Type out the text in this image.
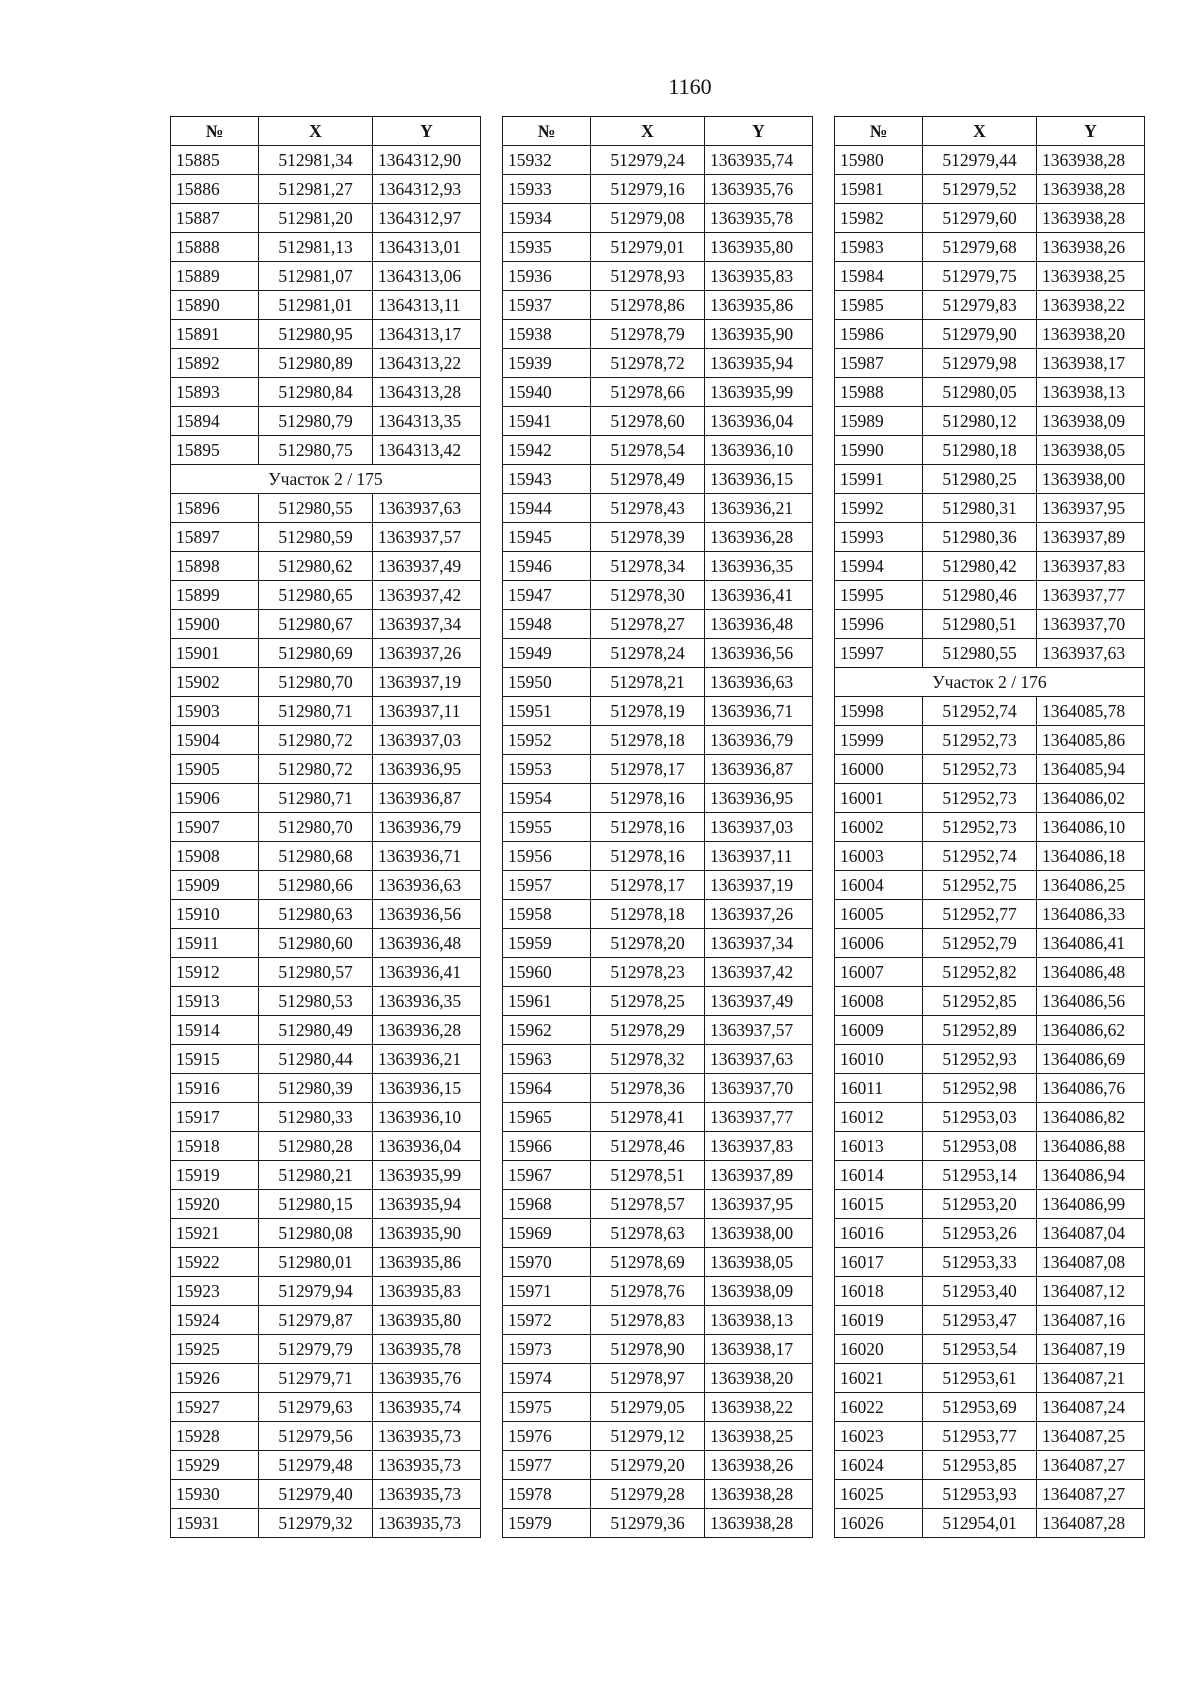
1160
№	X	Y
15885	512981,34	1364312,90
15886	512981,27	1364312,93
15887	512981,20	1364312,97
15888	512981,13	1364313,01
15889	512981,07	1364313,06
15890	512981,01	1364313,11
15891	512980,95	1364313,17
15892	512980,89	1364313,22
15893	512980,84	1364313,28
15894	512980,79	1364313,35
15895	512980,75	1364313,42
Участок 2 / 175		
15896	512980,55	1363937,63
15897	512980,59	1363937,57
15898	512980,62	1363937,49
15899	512980,65	1363937,42
15900	512980,67	1363937,34
15901	512980,69	1363937,26
15902	512980,70	1363937,19
15903	512980,71	1363937,11
15904	512980,72	1363937,03
15905	512980,72	1363936,95
15906	512980,71	1363936,87
15907	512980,70	1363936,79
15908	512980,68	1363936,71
15909	512980,66	1363936,63
15910	512980,63	1363936,56
15911	512980,60	1363936,48
15912	512980,57	1363936,41
15913	512980,53	1363936,35
15914	512980,49	1363936,28
15915	512980,44	1363936,21
15916	512980,39	1363936,15
15917	512980,33	1363936,10
15918	512980,28	1363936,04
15919	512980,21	1363935,99
15920	512980,15	1363935,94
15921	512980,08	1363935,90
15922	512980,01	1363935,86
15923	512979,94	1363935,83
15924	512979,87	1363935,80
15925	512979,79	1363935,78
15926	512979,71	1363935,76
15927	512979,63	1363935,74
15928	512979,56	1363935,73
15929	512979,48	1363935,73
15930	512979,40	1363935,73
15931	512979,32	1363935,73
№	X	Y
15932	512979,24	1363935,74
15933	512979,16	1363935,76
15934	512979,08	1363935,78
15935	512979,01	1363935,80
15936	512978,93	1363935,83
15937	512978,86	1363935,86
15938	512978,79	1363935,90
15939	512978,72	1363935,94
15940	512978,66	1363935,99
15941	512978,60	1363936,04
15942	512978,54	1363936,10
15943	512978,49	1363936,15
15944	512978,43	1363936,21
15945	512978,39	1363936,28
15946	512978,34	1363936,35
15947	512978,30	1363936,41
15948	512978,27	1363936,48
15949	512978,24	1363936,56
15950	512978,21	1363936,63
15951	512978,19	1363936,71
15952	512978,18	1363936,79
15953	512978,17	1363936,87
15954	512978,16	1363936,95
15955	512978,16	1363937,03
15956	512978,16	1363937,11
15957	512978,17	1363937,19
15958	512978,18	1363937,26
15959	512978,20	1363937,34
15960	512978,23	1363937,42
15961	512978,25	1363937,49
15962	512978,29	1363937,57
15963	512978,32	1363937,63
15964	512978,36	1363937,70
15965	512978,41	1363937,77
15966	512978,46	1363937,83
15967	512978,51	1363937,89
15968	512978,57	1363937,95
15969	512978,63	1363938,00
15970	512978,69	1363938,05
15971	512978,76	1363938,09
15972	512978,83	1363938,13
15973	512978,90	1363938,17
15974	512978,97	1363938,20
15975	512979,05	1363938,22
15976	512979,12	1363938,25
15977	512979,20	1363938,26
15978	512979,28	1363938,28
15979	512979,36	1363938,28
№	X	Y
15980	512979,44	1363938,28
15981	512979,52	1363938,28
15982	512979,60	1363938,28
15983	512979,68	1363938,26
15984	512979,75	1363938,25
15985	512979,83	1363938,22
15986	512979,90	1363938,20
15987	512979,98	1363938,17
15988	512980,05	1363938,13
15989	512980,12	1363938,09
15990	512980,18	1363938,05
15991	512980,25	1363938,00
15992	512980,31	1363937,95
15993	512980,36	1363937,89
15994	512980,42	1363937,83
15995	512980,46	1363937,77
15996	512980,51	1363937,70
15997	512980,55	1363937,63
Участок 2 / 176		
15998	512952,74	1364085,78
15999	512952,73	1364085,86
16000	512952,73	1364085,94
16001	512952,73	1364086,02
16002	512952,73	1364086,10
16003	512952,74	1364086,18
16004	512952,75	1364086,25
16005	512952,77	1364086,33
16006	512952,79	1364086,41
16007	512952,82	1364086,48
16008	512952,85	1364086,56
16009	512952,89	1364086,62
16010	512952,93	1364086,69
16011	512952,98	1364086,76
16012	512953,03	1364086,82
16013	512953,08	1364086,88
16014	512953,14	1364086,94
16015	512953,20	1364086,99
16016	512953,26	1364087,04
16017	512953,33	1364087,08
16018	512953,40	1364087,12
16019	512953,47	1364087,16
16020	512953,54	1364087,19
16021	512953,61	1364087,21
16022	512953,69	1364087,24
16023	512953,77	1364087,25
16024	512953,85	1364087,27
16025	512953,93	1364087,27
16026	512954,01	1364087,28
